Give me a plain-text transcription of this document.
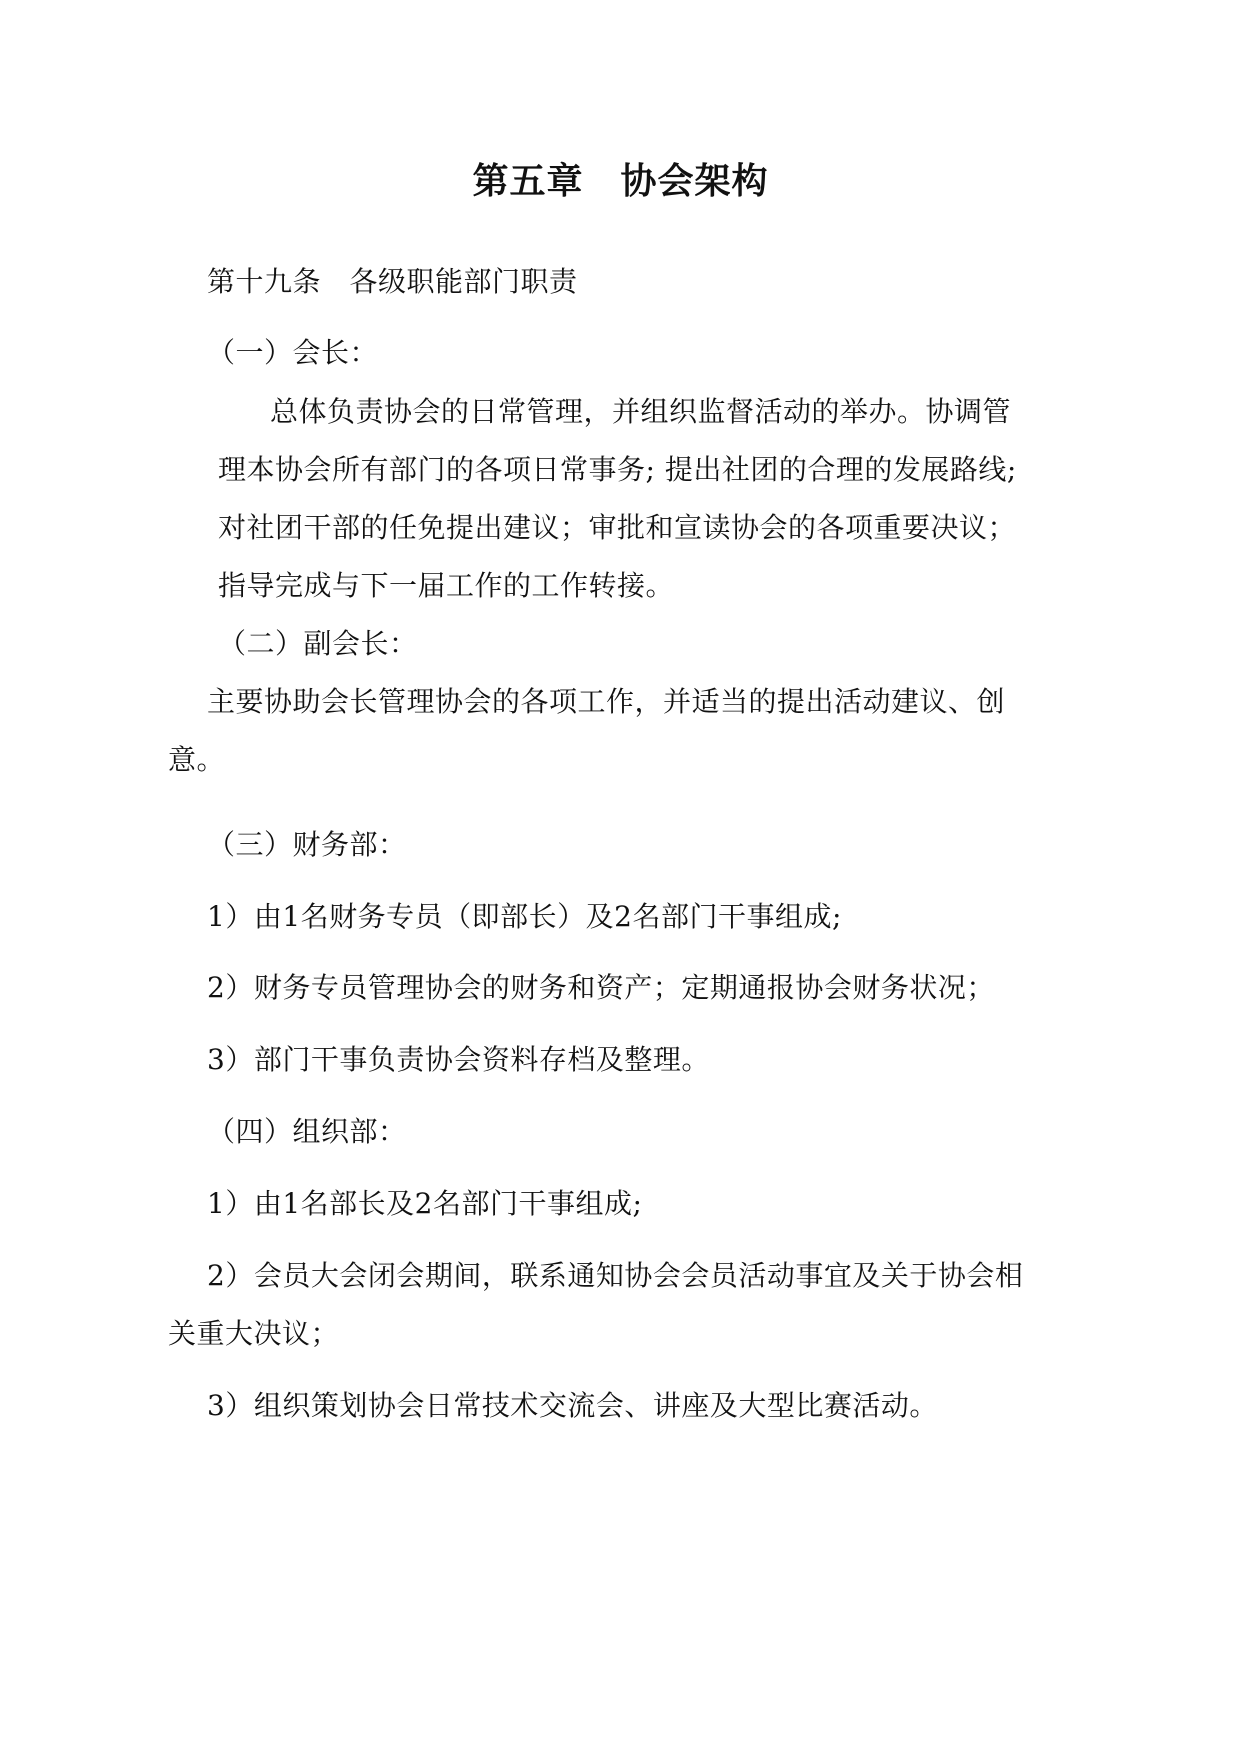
第五章　协会架构
第十九条　各级职能部门职责
（一）会长：
总体负责协会的日常管理，并组织监督活动的举办。协调管
理本协会所有部门的各项日常事务; 提出社团的合理的发展路线;
对社团干部的任免提出建议；审批和宣读协会的各项重要决议；
指导完成与下一届工作的工作转接。
（二）副会长：
主要协助会长管理协会的各项工作，并适当的提出活动建议、创
意。
（三）财务部：
1）由1名财务专员（即部长）及2名部门干事组成;
2）财务专员管理协会的财务和资产；定期通报协会财务状况；
3）部门干事负责协会资料存档及整理。
（四）组织部：
1）由1名部长及2名部门干事组成;
2）会员大会闭会期间，联系通知协会会员活动事宜及关于协会相
关重大决议；
3）组织策划协会日常技术交流会、讲座及大型比赛活动。
